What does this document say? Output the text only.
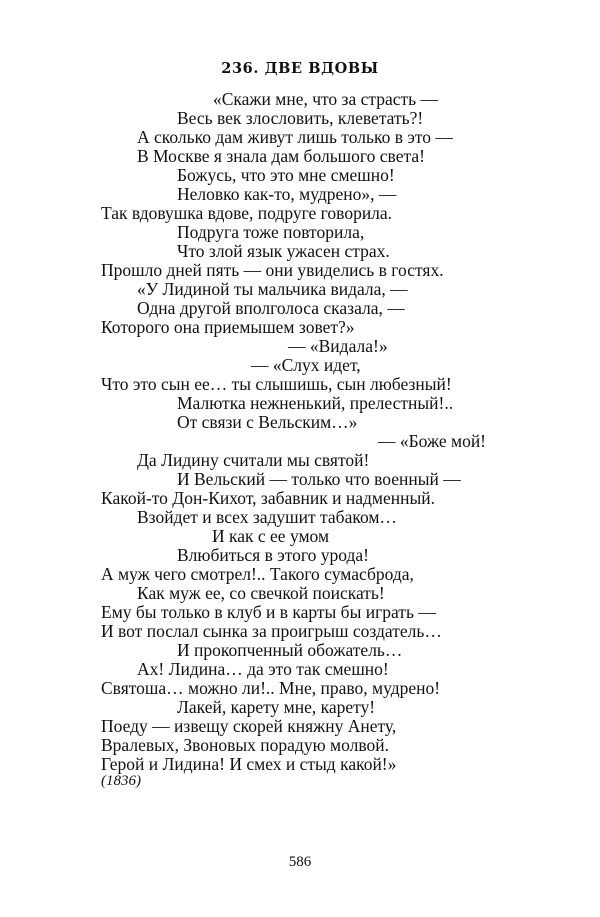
236. ДВЕ ВДОВЫ
«Скажи мне, что за страсть —
Весь век злословить, клеветать?!
А сколько дам живут лишь только в это —
В Москве я знала дам большого света!
Божусь, что это мне смешно!
Неловко как-то, мудрено», —
Так вдовушка вдове, подруге говорила.
Подруга тоже повторила,
Что злой язык ужасен страх.
Прошло дней пять — они увиделись в гостях.
«У Лидиной ты мальчика видала, —
Одна другой вполголоса сказала, —
Которого она приемышем зовет?»
— «Видала!»
— «Слух идет,
Что это сын ее… ты слышишь, сын любезный!
Малютка нежненький, прелестный!..
От связи с Вельским…»
— «Боже мой!
Да Лидину считали мы святой!
И Вельский — только что военный —
Какой-то Дон-Кихот, забавник и надменный.
Взойдет и всех задушит табаком…
И как с ее умом
Влюбиться в этого урода!
А муж чего смотрел!.. Такого сумасброда,
Как муж ее, со свечкой поискать!
Ему бы только в клуб и в карты бы играть —
И вот послал сынка за проигрыш создатель…
И прокопченный обожатель…
Ах! Лидина… да это так смешно!
Святоша… можно ли!.. Мне, право, мудрено!
Лакей, карету мне, карету!
Поеду — извещу скорей княжну Анету,
Вралевых, Звоновых порадую молвой.
Герой и Лидина! И смех и стыд какой!»
(1836)
586
